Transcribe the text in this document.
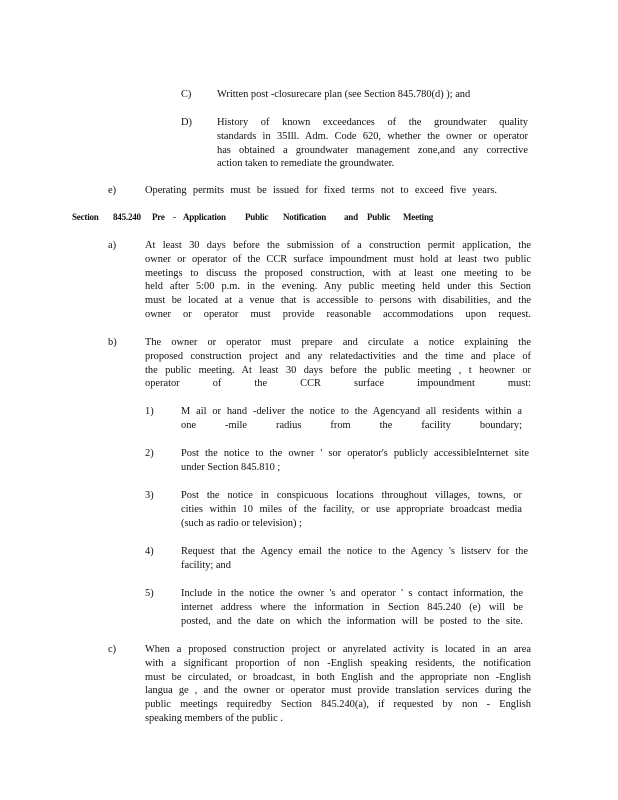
C) Written post -closurecare plan (see Section 845.780(d) ); and
D) History of known exceedances of the groundwater quality
standards in 35Ill. Adm. Code 620, whether the owner or operator
has obtained a groundwater management zone,and any corrective
action taken to remediate the groundwater.
e)	Operating permits must be issued for fixed terms not to exceed five years.
Section 845.240 Pre - Application Public Notification and Public Meeting
a)	At least 30 days before the submission of a construction permit application, the
owner or operator of the CCR surface impoundment must hold at least two public
meetings to discuss the proposed construction, with at least one meeting to be
held after 5:00 p.m. in the evening. Any public meeting held under this Section
must be located at a venue that is accessible to persons with disabilities, and the
owner or operator must provide reasonable accommodations upon request.
b)	The owner or operator must prepare and circulate a notice explaining the
proposed construction project and any relatedactivities and the time and place of
the public meeting. At least 30 days before the public meeting , t heowner or
operator of the CCR surface impoundment must:
1)	M ail or hand -deliver the notice to the Agencyand all residents within a
one -mile radius from the facility boundary;
2)	Post the notice to the owner ' sor operator's publicly accessibleInternet site
under Section 845.810 ;
3)	Post the notice in conspicuous locations throughout villages, towns, or
cities within 10 miles of the facility, or use appropriate broadcast media
(such as radio or television) ;
4)	Request that the Agency email the notice to the Agency 's listserv for the
facility; and
5)	Include in the notice the owner 's and operator ' s contact information, the
internet address where the information in Section 845.240 (e) will be
posted, and the date on which the information will be posted to the site.
c)	When a proposed construction project or anyrelated activity is located in an area
with a significant proportion of non -English speaking residents, the notification
must be circulated, or broadcast, in both English and the appropriate non -English
langua ge , and the owner or operator must provide translation services during the
public meetings requiredby Section 845.240(a), if requested by non - English
speaking members of the public .
